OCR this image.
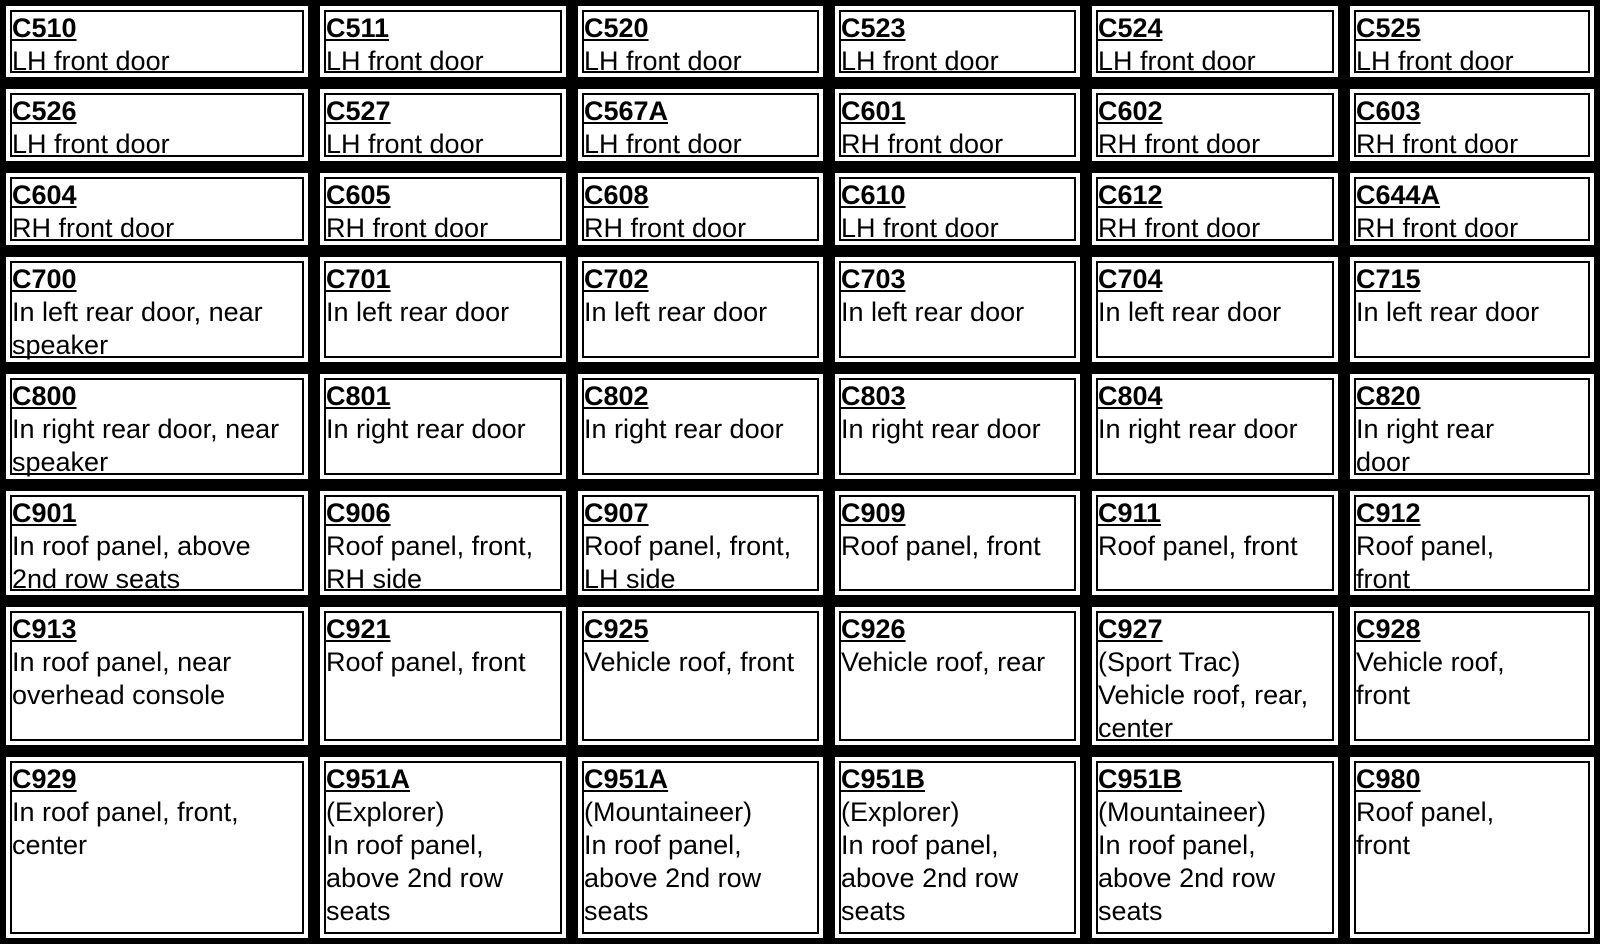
C510
LH front door
C511
LH front door
C520
LH front door
C523
LH front door
C524
LH front door
C525
LH front door
C526
LH front door
C527
LH front door
C567A
LH front door
C601
RH front door
C602
RH front door
C603
RH front door
C604
RH front door
C605
RH front door
C608
RH front door
C610
LH front door
C612
RH front door
C644A
RH front door
C700
In left rear door, near
speaker
C701
In left rear door
C702
In left rear door
C703
In left rear door
C704
In left rear door
C715
In left rear door
C800
In right rear door, near
speaker
C801
In right rear door
C802
In right rear door
C803
In right rear door
C804
In right rear door
C820
In right rear
door
C901
In roof panel, above
2nd row seats
C906
Roof panel, front,
RH side
C907
Roof panel, front,
LH side
C909
Roof panel, front
C911
Roof panel, front
C912
Roof panel,
front
C913
In roof panel, near
overhead console
C921
Roof panel, front
C925
Vehicle roof, front
C926
Vehicle roof, rear
C927
(Sport Trac)
Vehicle roof, rear,
center
C928
Vehicle roof,
front
C929
In roof panel, front,
center
C951A
(Explorer)
In roof panel,
above 2nd row
seats
C951A
(Mountaineer)
In roof panel,
above 2nd row
seats
C951B
(Explorer)
In roof panel,
above 2nd row
seats
C951B
(Mountaineer)
In roof panel,
above 2nd row
seats
C980
Roof panel,
front
